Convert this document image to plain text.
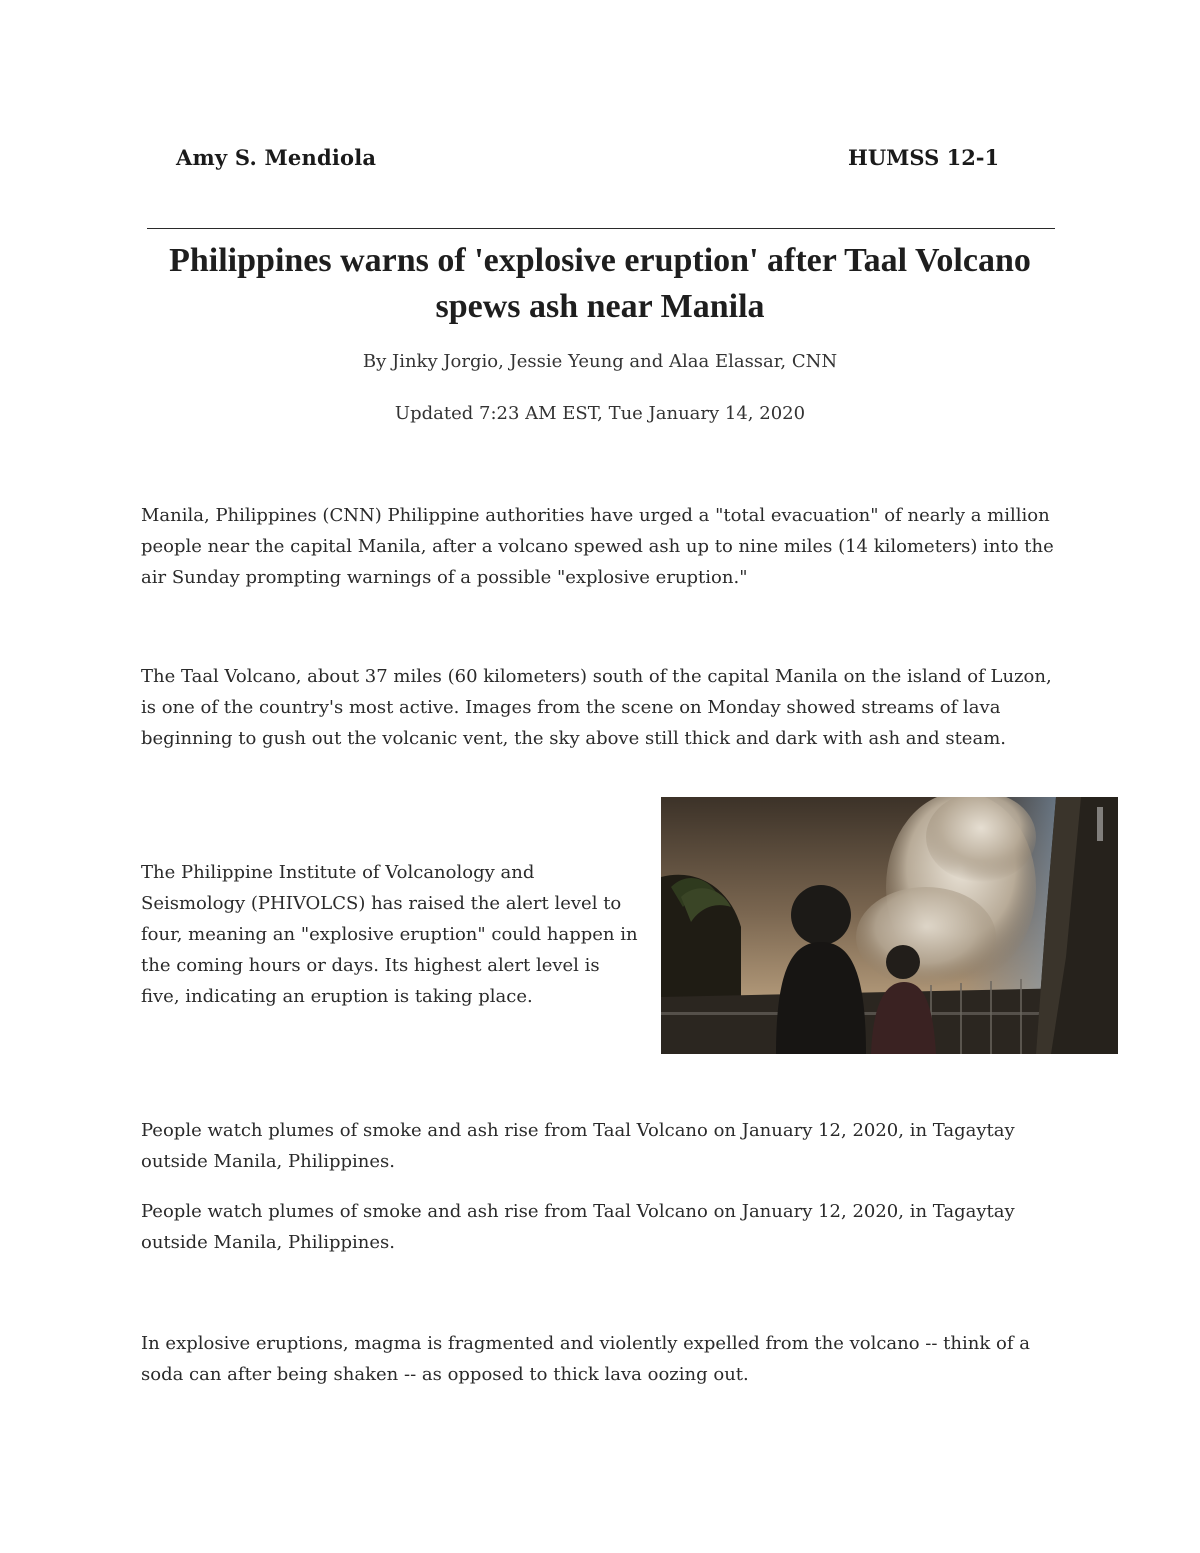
Amy S. Mendiola	HUMSS 12-1
Philippines warns of 'explosive eruption' after Taal Volcano
spews ash near Manila
By Jinky Jorgio, Jessie Yeung and Alaa Elassar, CNN
Updated 7:23 AM EST, Tue January 14, 2020

Manila, Philippines (CNN) Philippine authorities have urged a "total evacuation" of nearly a million people near the capital Manila, after a volcano spewed ash up to nine miles (14 kilometers) into the air Sunday prompting warnings of a possible "explosive eruption."

The Taal Volcano, about 37 miles (60 kilometers) south of the capital Manila on the island of Luzon, is one of the country's most active. Images from the scene on Monday showed streams of lava beginning to gush out the volcanic vent, the sky above still thick and dark with ash and steam.

The Philippine Institute of Volcanology and Seismology (PHIVOLCS) has raised the alert level to four, meaning an "explosive eruption" could happen in the coming hours or days. Its highest alert level is five, indicating an eruption is taking place.

People watch plumes of smoke and ash rise from Taal Volcano on January 12, 2020, in Tagaytay outside Manila, Philippines.

People watch plumes of smoke and ash rise from Taal Volcano on January 12, 2020, in Tagaytay outside Manila, Philippines.

In explosive eruptions, magma is fragmented and violently expelled from the volcano -- think of a soda can after being shaken -- as opposed to thick lava oozing out.
